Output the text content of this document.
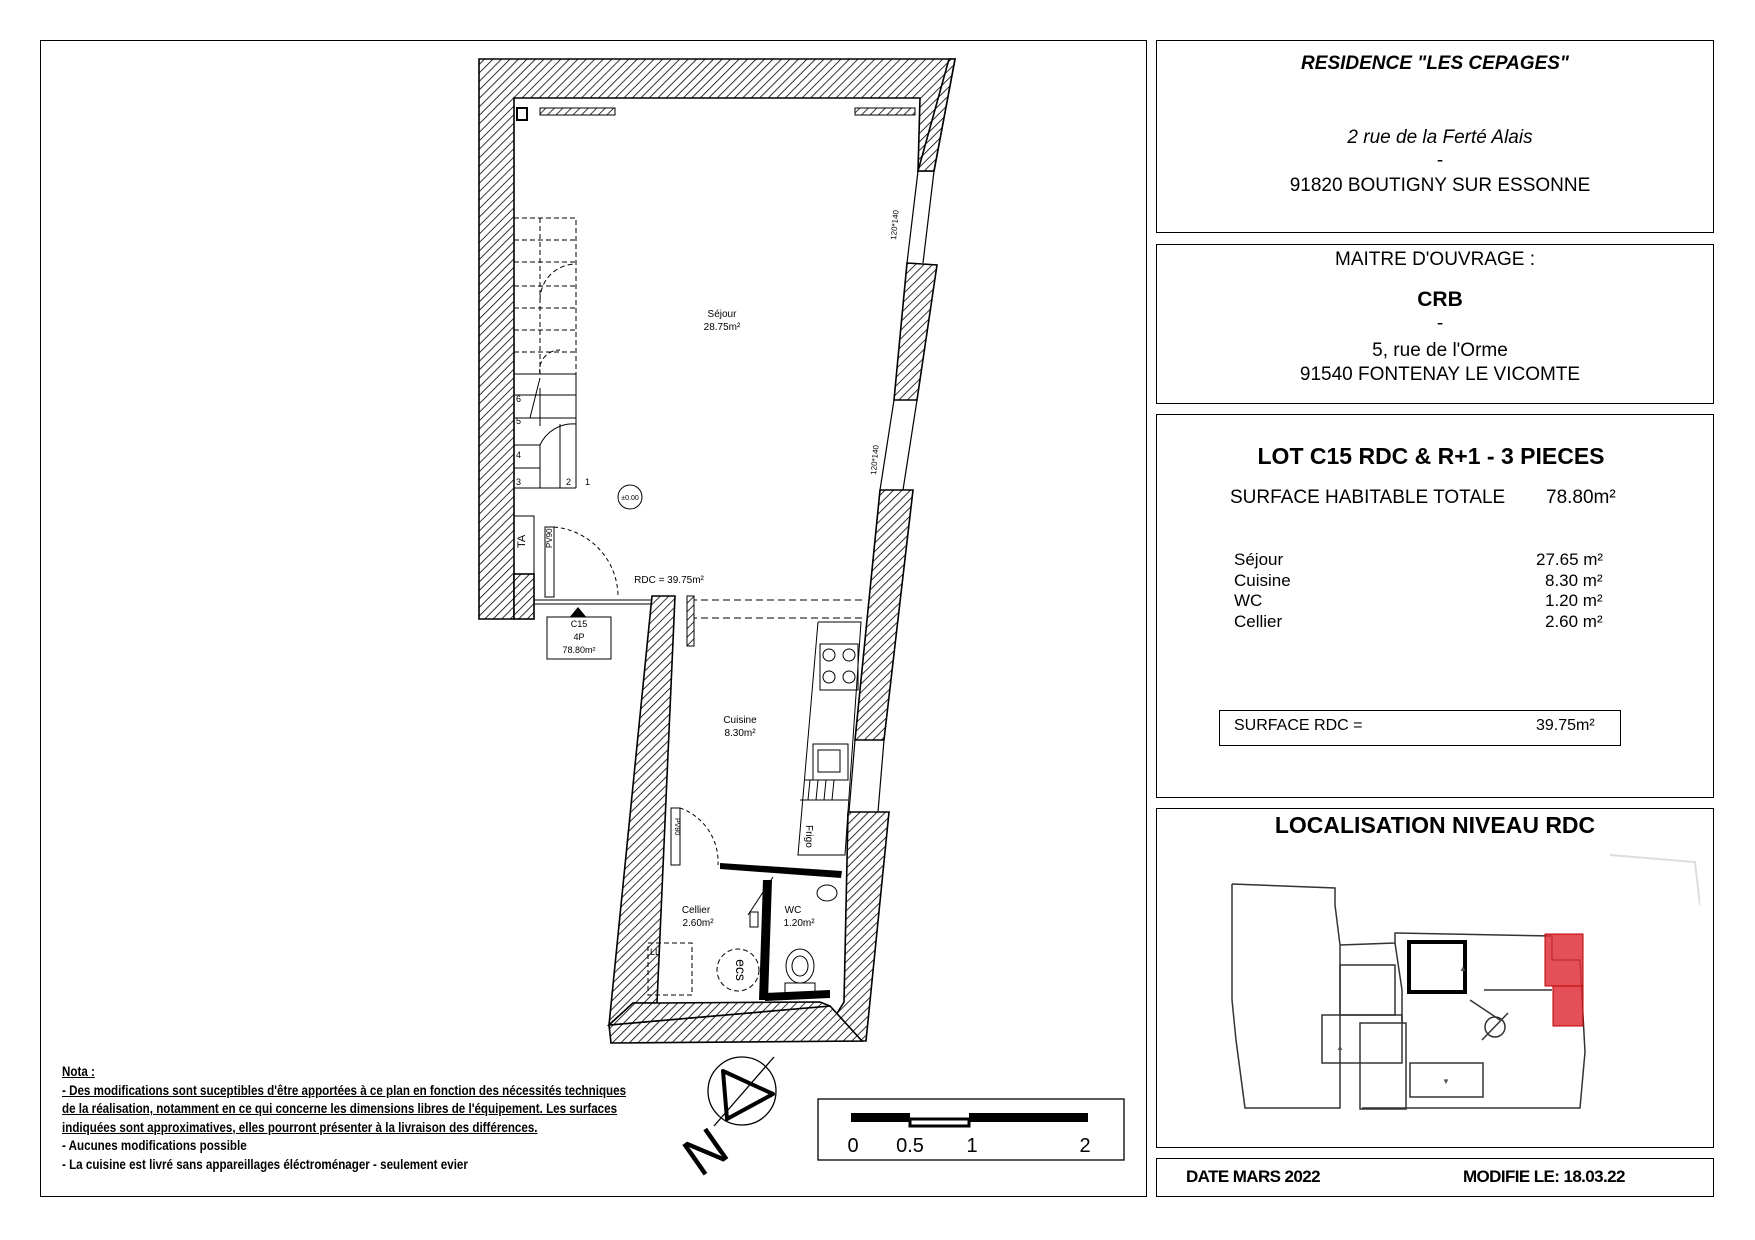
RESIDENCE "LES CEPAGES"
2 rue de la Ferté Alais
-
91820 BOUTIGNY SUR ESSONNE
MAITRE D'OUVRAGE :
CRB
-
5, rue de l'Orme
91540 FONTENAY LE VICOMTE
LOT C15 RDC & R+1 - 3 PIECES
SURFACE HABITABLE TOTALE 78.80m²
Séjour	27.65 m²
Cuisine	8.30 m²
WC	1.20 m²
Cellier	2.60 m²
SURFACE RDC =	39.75m²
LOCALISATION NIVEAU RDC
▲
▼
▲
DATE MARS 2022	MODIFIE LE: 18.03.22
120*140
120*140
6
5
4
3	2 1
±0.00
TA PV90
C15
4P
78.80m²
Frigo
PV80
ecs
LL
Séjour
28.75m²
RDC = 39.75m²
Cuisine
8.30m²
Cellier
2.60m²
WC
1.20m²
N	0 0.5 1	2
Nota :
- Des modifications sont suceptibles d'être apportées à ce plan en fonction des nécessités techniques
de la réalisation, notamment en ce qui concerne les dimensions libres de l'équipement. Les surfaces
indiquées sont approximatives, elles pourront présenter à la livraison des différences.
- Aucunes modifications possible
- La cuisine est livré sans appareillages éléctroménager - seulement evier
